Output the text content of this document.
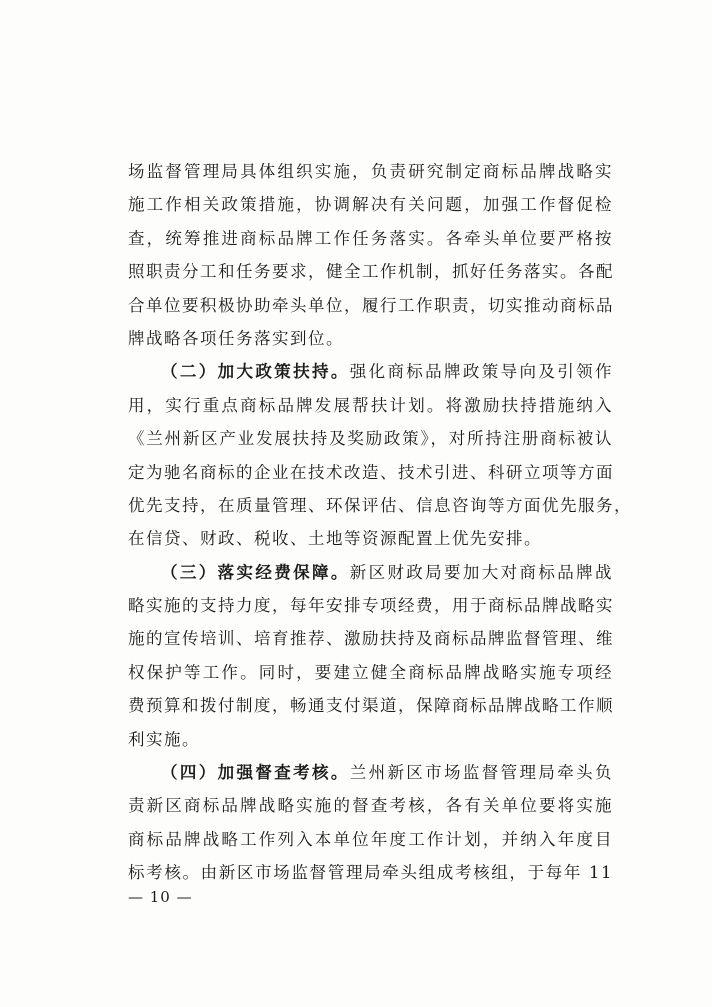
场监督管理局具体组织实施，负责研究制定商标品牌战略实
施工作相关政策措施，协调解决有关问题，加强工作督促检
查，统筹推进商标品牌工作任务落实。各牵头单位要严格按
照职责分工和任务要求，健全工作机制，抓好任务落实。各配
合单位要积极协助牵头单位，履行工作职责，切实推动商标品
牌战略各项任务落实到位。
（二）加大政策扶持。强化商标品牌政策导向及引领作
用，实行重点商标品牌发展帮扶计划。将激励扶持措施纳入
《兰州新区产业发展扶持及奖励政策》，对所持注册商标被认
定为驰名商标的企业在技术改造、技术引进、科研立项等方面
优先支持，在质量管理、环保评估、信息咨询等方面优先服务，
在信贷、财政、税收、土地等资源配置上优先安排。
（三）落实经费保障。新区财政局要加大对商标品牌战
略实施的支持力度，每年安排专项经费，用于商标品牌战略实
施的宣传培训、培育推荐、激励扶持及商标品牌监督管理、维
权保护等工作。同时，要建立健全商标品牌战略实施专项经
费预算和拨付制度，畅通支付渠道，保障商标品牌战略工作顺
利实施。
（四）加强督查考核。兰州新区市场监督管理局牵头负
责新区商标品牌战略实施的督查考核，各有关单位要将实施
商标品牌战略工作列入本单位年度工作计划，并纳入年度目
标考核。由新区市场监督管理局牵头组成考核组，于每年 11
— 10 —
